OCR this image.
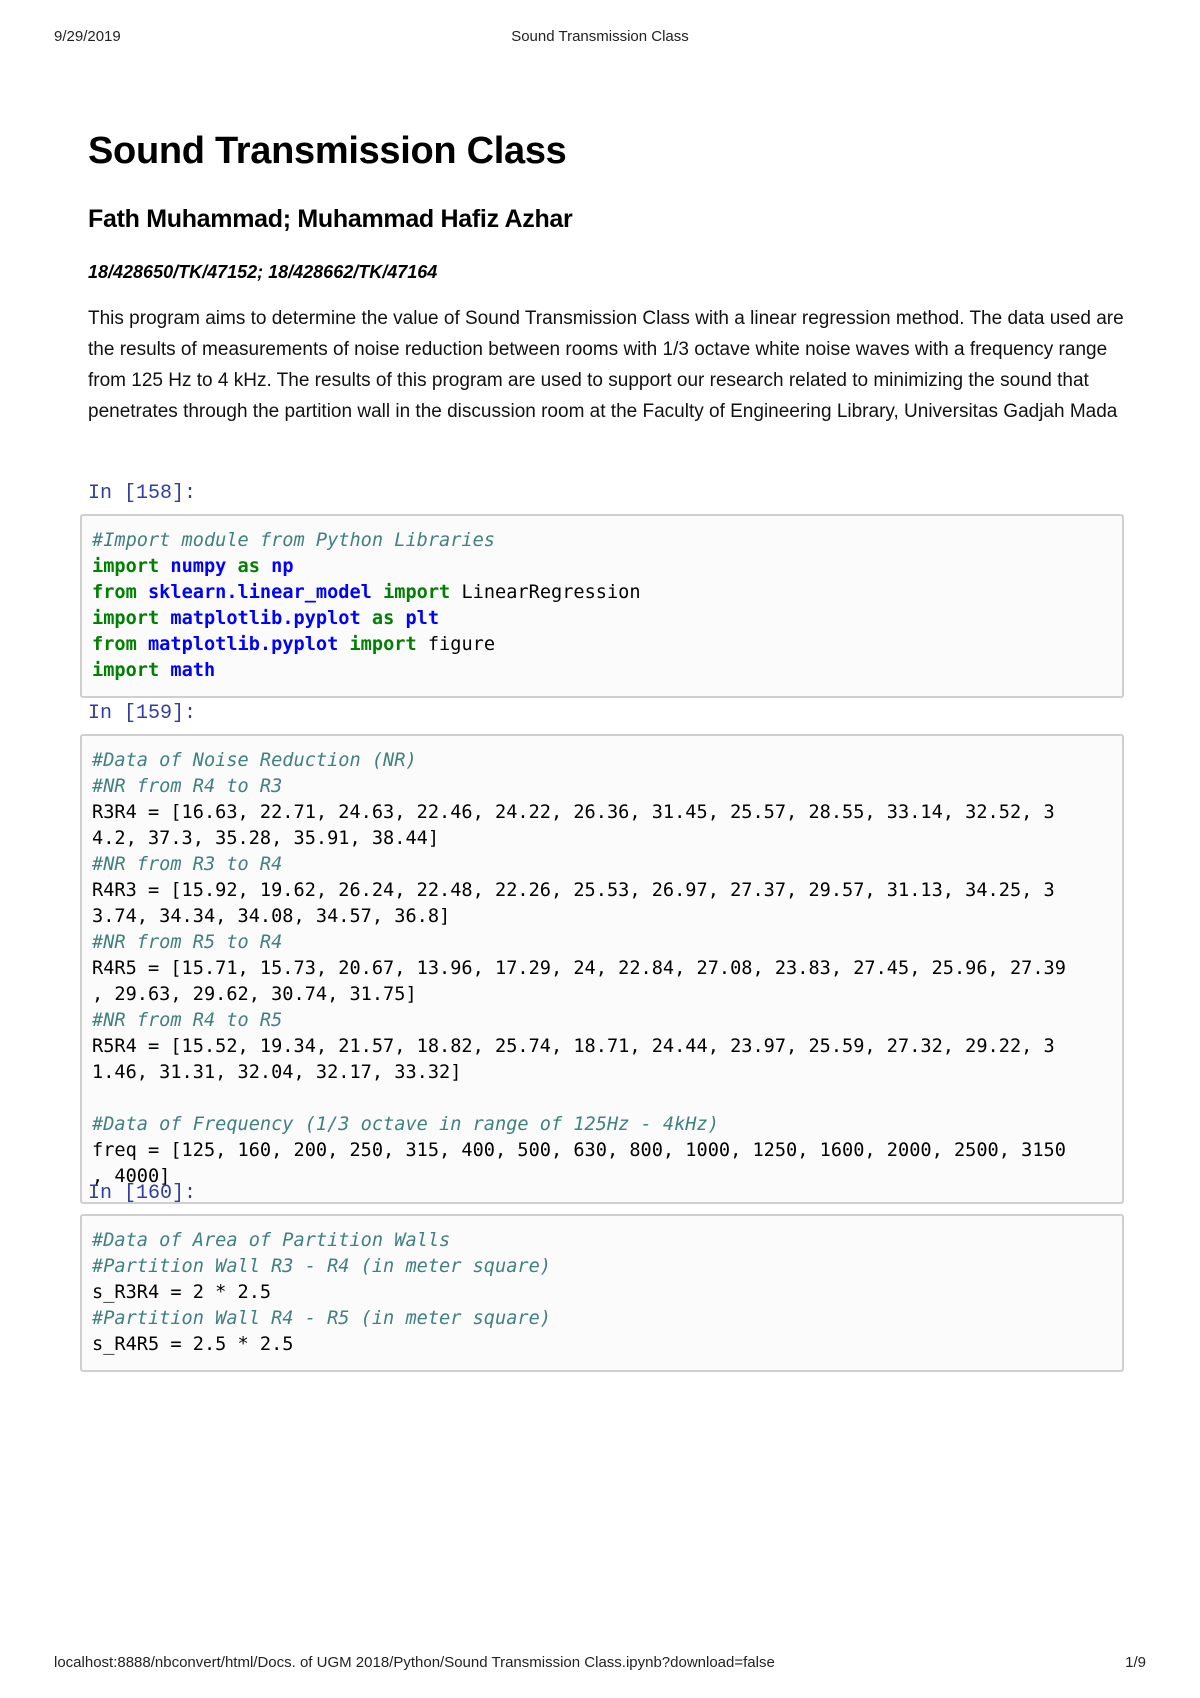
9/29/2019	Sound Transmission Class
Sound Transmission Class
Fath Muhammad; Muhammad Hafiz Azhar
18/428650/TK/47152; 18/428662/TK/47164
This program aims to determine the value of Sound Transmission Class with a linear regression method. The data used are the results of measurements of noise reduction between rooms with 1/3 octave white noise waves with a frequency range from 125 Hz to 4 kHz. The results of this program are used to support our research related to minimizing the sound that penetrates through the partition wall in the discussion room at the Faculty of Engineering Library, Universitas Gadjah Mada
In [158]:
#Import module from Python Libraries
import numpy as np
from sklearn.linear_model import LinearRegression
import matplotlib.pyplot as plt
from matplotlib.pyplot import figure
import math
In [159]:
#Data of Noise Reduction (NR)
#NR from R4 to R3
R3R4 = [16.63, 22.71, 24.63, 22.46, 24.22, 26.36, 31.45, 25.57, 28.55, 33.14, 32.52, 3
4.2, 37.3, 35.28, 35.91, 38.44]
#NR from R3 to R4
R4R3 = [15.92, 19.62, 26.24, 22.48, 22.26, 25.53, 26.97, 27.37, 29.57, 31.13, 34.25, 3
3.74, 34.34, 34.08, 34.57, 36.8]
#NR from R5 to R4
R4R5 = [15.71, 15.73, 20.67, 13.96, 17.29, 24, 22.84, 27.08, 23.83, 27.45, 25.96, 27.39
, 29.63, 29.62, 30.74, 31.75]
#NR from R4 to R5
R5R4 = [15.52, 19.34, 21.57, 18.82, 25.74, 18.71, 24.44, 23.97, 25.59, 27.32, 29.22, 3
1.46, 31.31, 32.04, 32.17, 33.32]

#Data of Frequency (1/3 octave in range of 125Hz - 4kHz)
freq = [125, 160, 200, 250, 315, 400, 500, 630, 800, 1000, 1250, 1600, 2000, 2500, 3150
, 4000]
In [160]:
#Data of Area of Partition Walls
#Partition Wall R3 - R4 (in meter square)
s_R3R4 = 2 * 2.5
#Partition Wall R4 - R5 (in meter square)
s_R4R5 = 2.5 * 2.5
localhost:8888/nbconvert/html/Docs. of UGM 2018/Python/Sound Transmission Class.ipynb?download=false	1/9
